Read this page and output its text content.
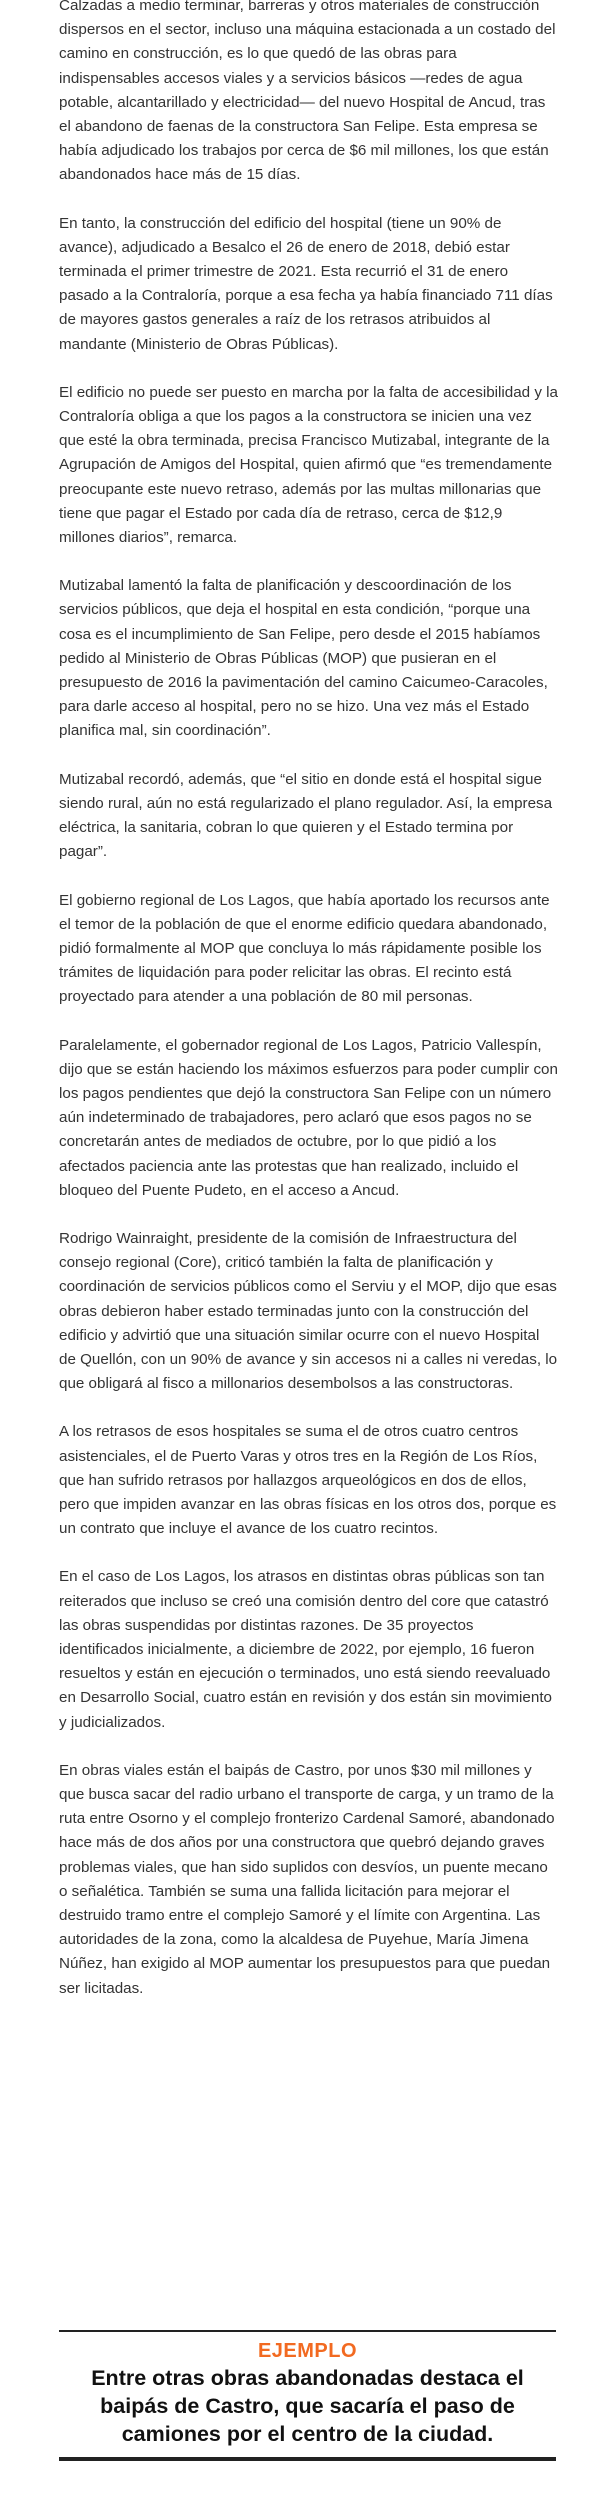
Calzadas a medio terminar, barreras y otros materiales de construcción dispersos en el sector, incluso una máquina estacionada a un costado del camino en construcción, es lo que quedó de las obras para indispensables accesos viales y a servicios básicos —redes de agua potable, alcantarillado y electricidad— del nuevo Hospital de Ancud, tras el abandono de faenas de la constructora San Felipe. Esta empresa se había adjudicado los trabajos por cerca de $6 mil millones, los que están abandonados hace más de 15 días.

En tanto, la construcción del edificio del hospital (tiene un 90% de avance), adjudicado a Besalco el 26 de enero de 2018, debió estar terminada el primer trimestre de 2021. Esta recurrió el 31 de enero pasado a la Contraloría, porque a esa fecha ya había financiado 711 días de mayores gastos generales a raíz de los retrasos atribuidos al mandante (Ministerio de Obras Públicas).

El edificio no puede ser puesto en marcha por la falta de accesibilidad y la Contraloría obliga a que los pagos a la constructora se inicien una vez que esté la obra terminada, precisa Francisco Mutizabal, integrante de la Agrupación de Amigos del Hospital, quien afirmó que “es tremendamente preocupante este nuevo retraso, además por las multas millonarias que tiene que pagar el Estado por cada día de retraso, cerca de $12,9 millones diarios”, remarca.

Mutizabal lamentó la falta de planificación y descoordinación de los servicios públicos, que deja el hospital en esta condición, “porque una cosa es el incumplimiento de San Felipe, pero desde el 2015 habíamos pedido al Ministerio de Obras Públicas (MOP) que pusieran en el presupuesto de 2016 la pavimentación del camino Caicumeo-Caracoles, para darle acceso al hospital, pero no se hizo. Una vez más el Estado planifica mal, sin coordinación”.

Mutizabal recordó, además, que “el sitio en donde está el hospital sigue siendo rural, aún no está regularizado el plano regulador. Así, la empresa eléctrica, la sanitaria, cobran lo que quieren y el Estado termina por pagar”.

El gobierno regional de Los Lagos, que había aportado los recursos ante el temor de la población de que el enorme edificio quedara abandonado, pidió formalmente al MOP que concluya lo más rápidamente posible los trámites de liquidación para poder relicitar las obras. El recinto está proyectado para atender a una población de 80 mil personas.

Paralelamente, el gobernador regional de Los Lagos, Patricio Vallespín, dijo que se están haciendo los máximos esfuerzos para poder cumplir con los pagos pendientes que dejó la constructora San Felipe con un número aún indeterminado de trabajadores, pero aclaró que esos pagos no se concretarán antes de mediados de octubre, por lo que pidió a los afectados paciencia ante las protestas que han realizado, incluido el bloqueo del Puente Pudeto, en el acceso a Ancud.

Rodrigo Wainraight, presidente de la comisión de Infraestructura del consejo regional (Core), criticó también la falta de planificación y coordinación de servicios públicos como el Serviu y el MOP, dijo que esas obras debieron haber estado terminadas junto con la construcción del edificio y advirtió que una situación similar ocurre con el nuevo Hospital de Quellón, con un 90% de avance y sin accesos ni a calles ni veredas, lo que obligará al fisco a millonarios desembolsos a las constructoras.

A los retrasos de esos hospitales se suma el de otros cuatro centros asistenciales, el de Puerto Varas y otros tres en la Región de Los Ríos, que han sufrido retrasos por hallazgos arqueológicos en dos de ellos, pero que impiden avanzar en las obras físicas en los otros dos, porque es un contrato que incluye el avance de los cuatro recintos.

En el caso de Los Lagos, los atrasos en distintas obras públicas son tan reiterados que incluso se creó una comisión dentro del core que catastró las obras suspendidas por distintas razones. De 35 proyectos identificados inicialmente, a diciembre de 2022, por ejemplo, 16 fueron resueltos y están en ejecución o terminados, uno está siendo reevaluado en Desarrollo Social, cuatro están en revisión y dos están sin movimiento y judicializados.

En obras viales están el baipás de Castro, por unos $30 mil millones y que busca sacar del radio urbano el transporte de carga, y un tramo de la ruta entre Osorno y el complejo fronterizo Cardenal Samoré, abandonado hace más de dos años por una constructora que quebró dejando graves problemas viales, que han sido suplidos con desvíos, un puente mecano o señalética. También se suma una fallida licitación para mejorar el destruido tramo entre el complejo Samoré y el límite con Argentina. Las autoridades de la zona, como la alcaldesa de Puyehue, María Jimena Núñez, han exigido al MOP aumentar los presupuestos para que puedan ser licitadas.

EJEMPLO
Entre otras obras abandonadas destaca el baipás de Castro, que sacaría el paso de camiones por el centro de la ciudad.
